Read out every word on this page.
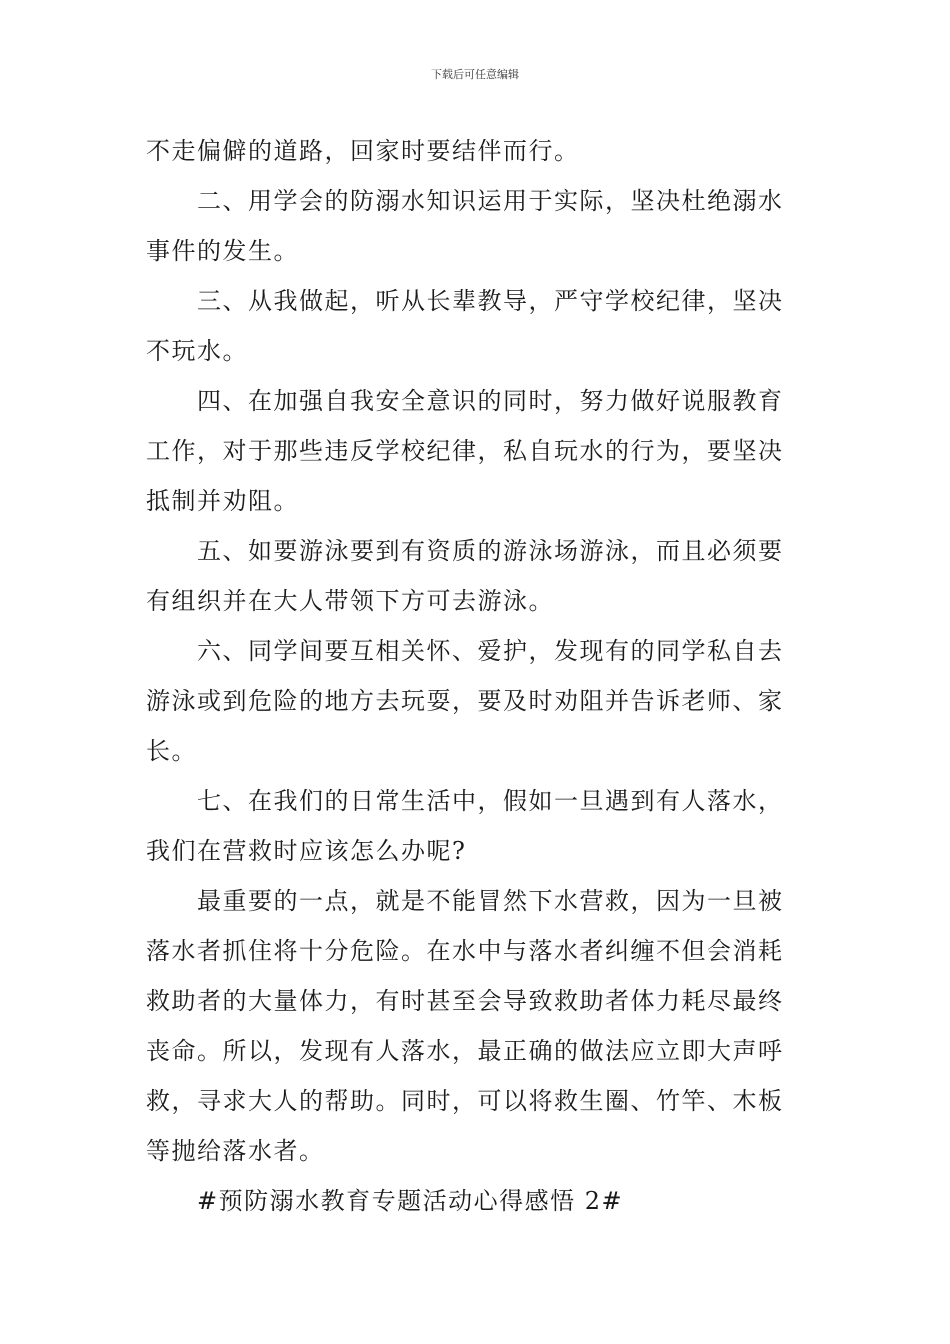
下载后可任意编辑

不走偏僻的道路，回家时要结伴而行。

二、用学会的防溺水知识运用于实际，坚决杜绝溺水事件的发生。

三、从我做起，听从长辈教导，严守学校纪律，坚决不玩水。

四、在加强自我安全意识的同时，努力做好说服教育工作，对于那些违反学校纪律，私自玩水的行为，要坚决抵制并劝阻。

五、如要游泳要到有资质的游泳场游泳，而且必须要有组织并在大人带领下方可去游泳。

六、同学间要互相关怀、爱护，发现有的同学私自去游泳或到危险的地方去玩耍，要及时劝阻并告诉老师、家长。

七、在我们的日常生活中，假如一旦遇到有人落水，我们在营救时应该怎么办呢?

最重要的一点，就是不能冒然下水营救，因为一旦被落水者抓住将十分危险。在水中与落水者纠缠不但会消耗救助者的大量体力，有时甚至会导致救助者体力耗尽最终丧命。所以，发现有人落水，最正确的做法应立即大声呼救，寻求大人的帮助。同时，可以将救生圈、竹竿、木板等抛给落水者。

#预防溺水教育专题活动心得感悟 2#
